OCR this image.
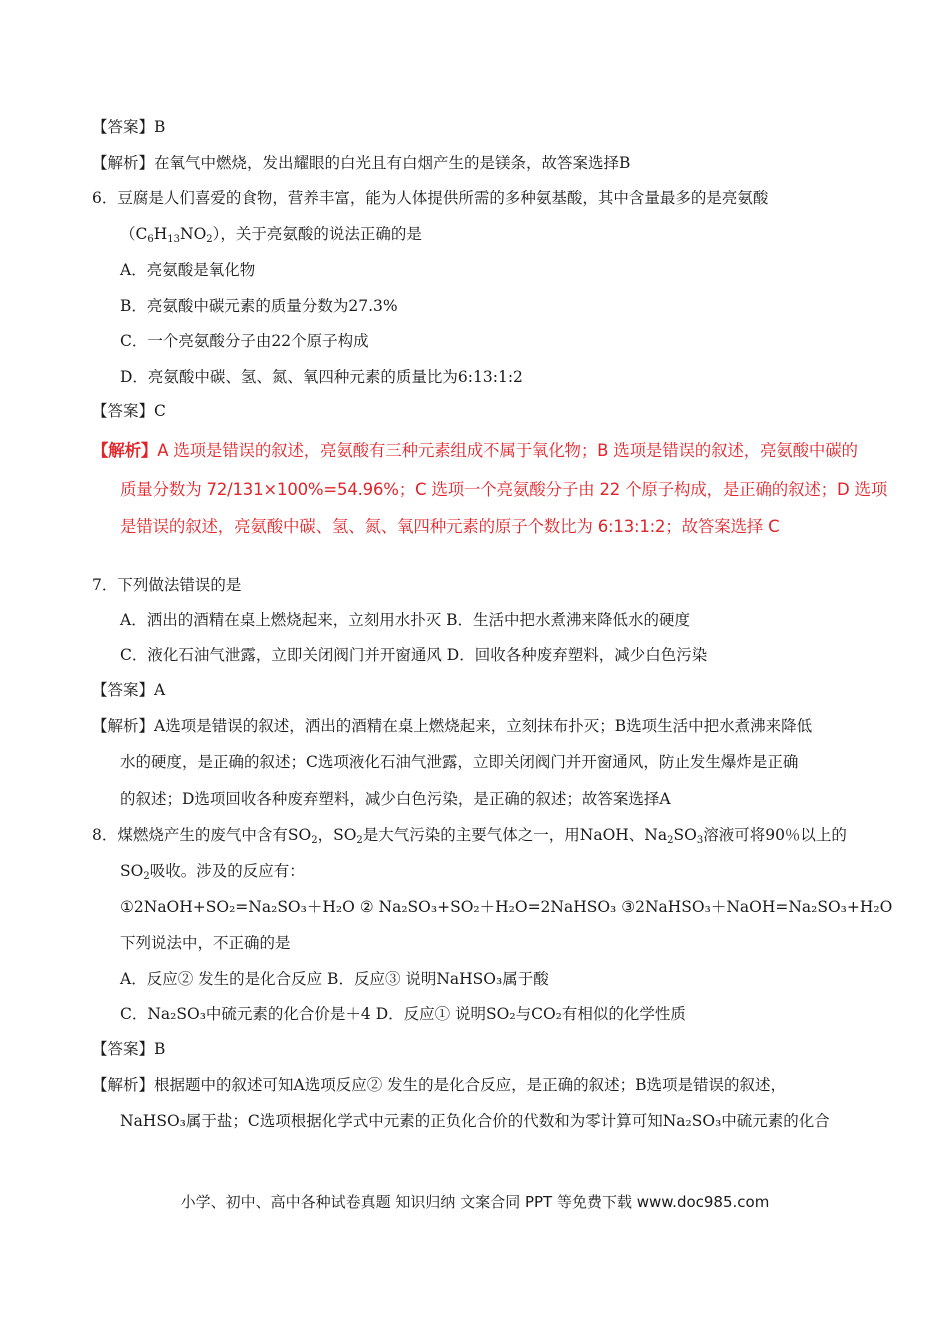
【答案】B
【解析】在氧气中燃烧，发出耀眼的白光且有白烟产生的是镁条，故答案选择B
6．豆腐是人们喜爱的食物，营养丰富，能为人体提供所需的多种氨基酸，其中含量最多的是亮氨酸
$(C_6H_{13}NO_2)$，关于亮氨酸的说法正确的是
A．亮氨酸是氧化物
B．亮氨酸中碳元素的质量分数为27.3%
C．一个亮氨酸分子由22个原子构成
D．亮氨酸中碳、氢、氮、氧四种元素的质量比为6:13:1:2
【答案】C
【解析】A 选项是错误的叙述，亮氨酸有三种元素组成不属于氧化物；B 选项是错误的叙述，亮氨酸中碳的
质量分数为 72/131×100%=54.96%；C 选项一个亮氨酸分子由 22 个原子构成，是正确的叙述；D 选项
是错误的叙述，亮氨酸中碳、氢、氮、氧四种元素的原子个数比为 6:13:1:2；故答案选择 C
7．下列做法错误的是
A．洒出的酒精在桌上燃烧起来，立刻用水扑灭 B．生活中把水煮沸来降低水的硬度
C．液化石油气泄露，立即关闭阀门并开窗通风 D．回收各种废弃塑料，减少白色污染
【答案】A
【解析】A选项是错误的叙述，洒出的酒精在桌上燃烧起来，立刻抹布扑灭；B选项生活中把水煮沸来降低
水的硬度，是正确的叙述；C选项液化石油气泄露，立即关闭阀门并开窗通风，防止发生爆炸是正确
的叙述；D选项回收各种废弃塑料，减少白色污染，是正确的叙述；故答案选择A
8．煤燃烧产生的废气中含有$SO_2$，$SO_2$是大气污染的主要气体之一，用NaOH、$Na_2SO_3$溶液可将90％以上的
$SO_2$吸收。涉及的反应有：
①2NaOH+SO₂=Na₂SO₃＋H₂O ② Na₂SO₃+SO₂＋H₂O=2NaHSO₃ ③2NaHSO₃＋NaOH=Na₂SO₃+H₂O
下列说法中，不正确的是
A．反应② 发生的是化合反应 B．反应③ 说明NaHSO₃属于酸
C．Na₂SO₃中硫元素的化合价是＋4 D．反应① 说明SO₂与CO₂有相似的化学性质
【答案】B
【解析】根据题中的叙述可知A选项反应② 发生的是化合反应，是正确的叙述；B选项是错误的叙述，
NaHSO₃属于盐；C选项根据化学式中元素的正负化合价的代数和为零计算可知Na₂SO₃中硫元素的化合
小学、初中、高中各种试卷真题 知识归纳 文案合同 PPT 等免费下载 www.doc985.com
